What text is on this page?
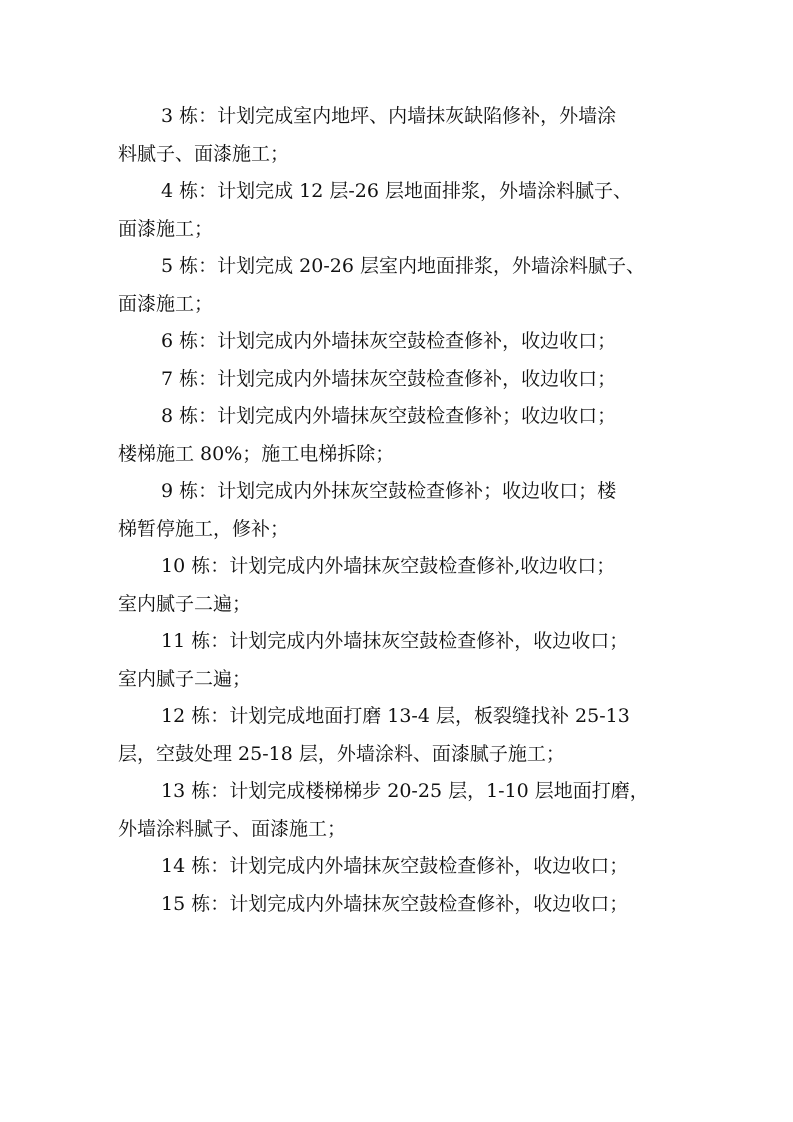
3 栋：计划完成室内地坪、内墙抹灰缺陷修补，外墙涂
料腻子、面漆施工；
4 栋：计划完成 12 层-26 层地面排浆，外墙涂料腻子、
面漆施工；
5 栋：计划完成 20-26 层室内地面排浆，外墙涂料腻子、
面漆施工；
6 栋：计划完成内外墙抹灰空鼓检查修补，收边收口；
7 栋：计划完成内外墙抹灰空鼓检查修补，收边收口；
8 栋：计划完成内外墙抹灰空鼓检查修补；收边收口；
楼梯施工 80%；施工电梯拆除；
9 栋：计划完成内外抹灰空鼓检查修补；收边收口；楼
梯暂停施工，修补；
10 栋：计划完成内外墙抹灰空鼓检查修补,收边收口；
室内腻子二遍；
11 栋：计划完成内外墙抹灰空鼓检查修补，收边收口；
室内腻子二遍；
12 栋：计划完成地面打磨 13-4 层，板裂缝找补 25-13
层，空鼓处理 25-18 层，外墙涂料、面漆腻子施工；
13 栋：计划完成楼梯梯步 20-25 层，1-10 层地面打磨，
外墙涂料腻子、面漆施工；
14 栋：计划完成内外墙抹灰空鼓检查修补，收边收口；
15 栋：计划完成内外墙抹灰空鼓检查修补，收边收口；
